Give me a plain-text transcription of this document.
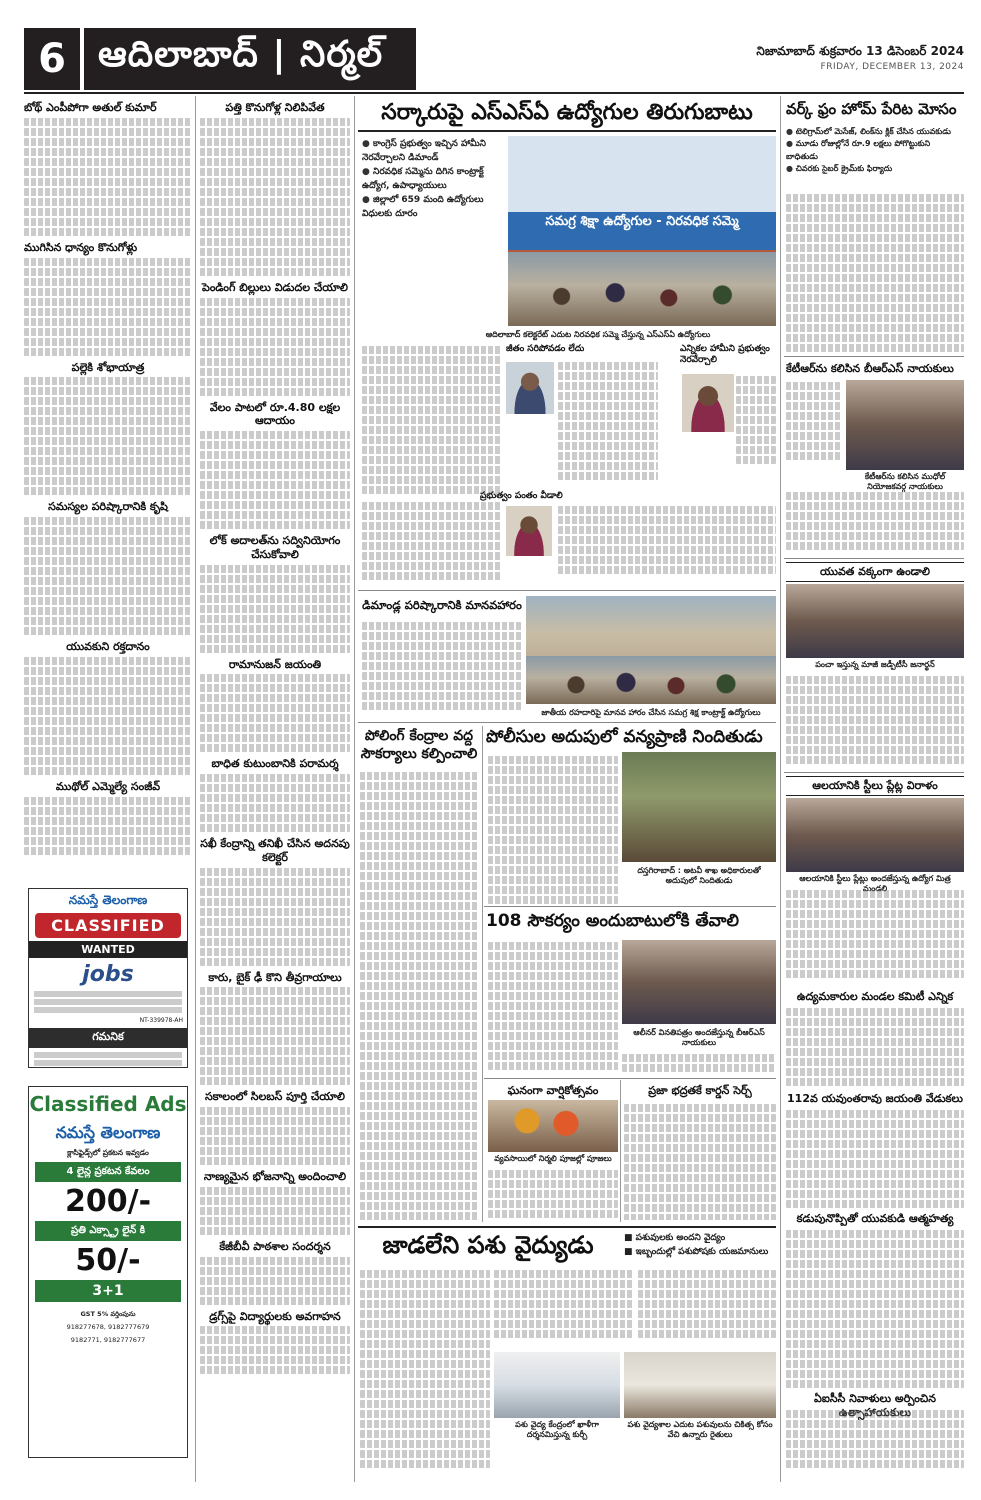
6 ఆదిలాబాద్ | నిర్మల్	నిజామాబాద్ శుక్రవారం 13 డిసెంబర్ 2024
FRIDAY, DECEMBER 13, 2024
బోథ్ ఎంపీపోగా అతుల్ కుమార్
ముగిసిన ధాన్యం కొనుగోళ్లు
పల్లెకి శోభాయాత్ర
సమస్యల పరిష్కారానికి కృషి
యువకుని రక్తదానం
ముథోల్ ఎమ్మెల్యే సంజీవ్
నమస్తే తెలంగాణ
CLASSIFIED
WANTED
jobs
NT-339978-AH
గమనిక
Classified Ads
నమస్తే తెలంగాణ
క్లాసిఫైడ్స్‌లో ప్రకటన ఇవ్వడం
4 లైన్ల ప్రకటన కేవలం
200/-
ప్రతి ఎక్స్ట్రా లైన్ కి
50/-
3+1
GST 5% వర్తింపును
918277678, 9182777679
9182771, 9182777677
పత్తి కొనుగోళ్ల నిలిపివేత
పెండింగ్ బిల్లులు విడుదల చేయాలి
వేలం పాటలో రూ.4.80 లక్షల ఆదాయం
లోక్ అదాలత్‌ను సద్వినియోగం చేసుకోవాలి
రామానుజన్ జయంతి
బాధిత కుటుంబానికి పరామర్శ
సఖీ కేంద్రాన్ని తనిఖీ చేసిన అదనపు కలెక్టర్
కారు, బైక్ ఢీ కొని తీవ్రగాయాలు
సకాలంలో సిలబస్ పూర్తి చేయాలి
నాణ్యమైన భోజనాన్ని అందించాలి
కేజీబీవీ పాఠశాల సందర్శన
డ్రగ్స్‌పై విద్యార్థులకు అవగాహన
సర్కారుపై ఎస్ఎస్ఏ ఉద్యోగుల తిరుగుబాటు
● కాంగ్రెస్ ప్రభుత్వం ఇచ్చిన హామీని నెరవేర్చాలని డిమాండ్
● నిరవధిక సమ్మెను దిగిన కాంట్రాక్ట్ ఉద్యోగ, ఉపాధ్యాయులు
● జిల్లాలో 659 మంది ఉద్యోగులు విధులకు దూరం
సమగ్ర శిక్షా ఉద్యోగుల - నిరవధిక సమ్మె
ఆదిలాబాద్ కలెక్టరేట్ ఎదుట నిరవధిక సమ్మె చేస్తున్న ఎస్ఎస్ఏ ఉద్యోగులు
జీతం సరిపోవడం లేదు	ఎన్నికల హామీని ప్రభుత్వం నెరవేర్చాలి
ప్రభుత్వం పంతం వీడాలి
డిమాండ్ల పరిష్కారానికి మానవహారం
జాతీయ రహదారిపై మానవ హారం చేసిన సమగ్ర శిక్ష కాంట్రాక్ట్ ఉద్యోగులు
పోలింగ్ కేంద్రాల వద్ద సౌకర్యాలు కల్పించాలి
పోలీసుల అదుపులో వన్యప్రాణి నిందితుడు
దస్తగిరాబాద్ : అటవీ శాఖ అధికారులతో అదుపులో నిందితుడు
108 సౌకర్యం అందుబాటులోకి తేవాలి
ఆలీనర్ వినతిపత్రం అందజేస్తున్న బీఆర్ఎస్ నాయకులు
ఘనంగా వార్షికోత్సవం
వ్యవసాయిలో నిర్మలి పూజల్లో పూజలు
ప్రజా భద్రతకే కార్డన్ సెర్చ్
జాడలేని పశు వైద్యుడు
■	పశువులకు అందని వైద్యం
■ ఇబ్బందుల్లో పశుపోషకు యజమానులు
పశు వైద్య కేంద్రంలో ఖాళీగా దర్శనమిస్తున్న కుర్చీ
పశు వైద్యశాల ఎదుట పశువులను చికిత్స కోసం వేచి ఉన్నారు రైతులు
వర్క్ ఫ్రం హోమ్ పేరిట మోసం
● టెలిగ్రామ్‌లో మెసేజ్, లింక్‌ను క్లిక్ చేసిన యువకుడు
● మూడు రోజుల్లోనే రూ.9 లక్షలు పోగొట్టుకుని బాధితుడు
● చివరకు సైబర్ క్రైమ్‌కు ఫిర్యాదు
కేటీఆర్‌ను కలిసిన బీఆర్ఎస్ నాయకులు
కేటీఆర్‌ను కలిసిన ముధోల్ నియోజకవర్గ నాయకులు
యువత వక్కంగా ఉండాలి
పంచా ఇస్తున్న మాజీ జడ్పీటీసీ జనార్థన్
ఆలయానికి స్టీలు ప్లేట్ల విరాళం
ఆలయానికి స్టీలు ప్లేట్లు అందజేస్తున్న ఉద్యోగ మిత్ర మండలి
ఉద్యమకారుల మండల కమిటీ ఎన్నిక
112వ యవుంతరావు జయంతి వేడుకలు
కడుపునొప్పితో యువకుడి ఆత్మహత్య
ఏఐసీసీ నివాళులు అర్పించిన ఉత్సాహాయకులు
